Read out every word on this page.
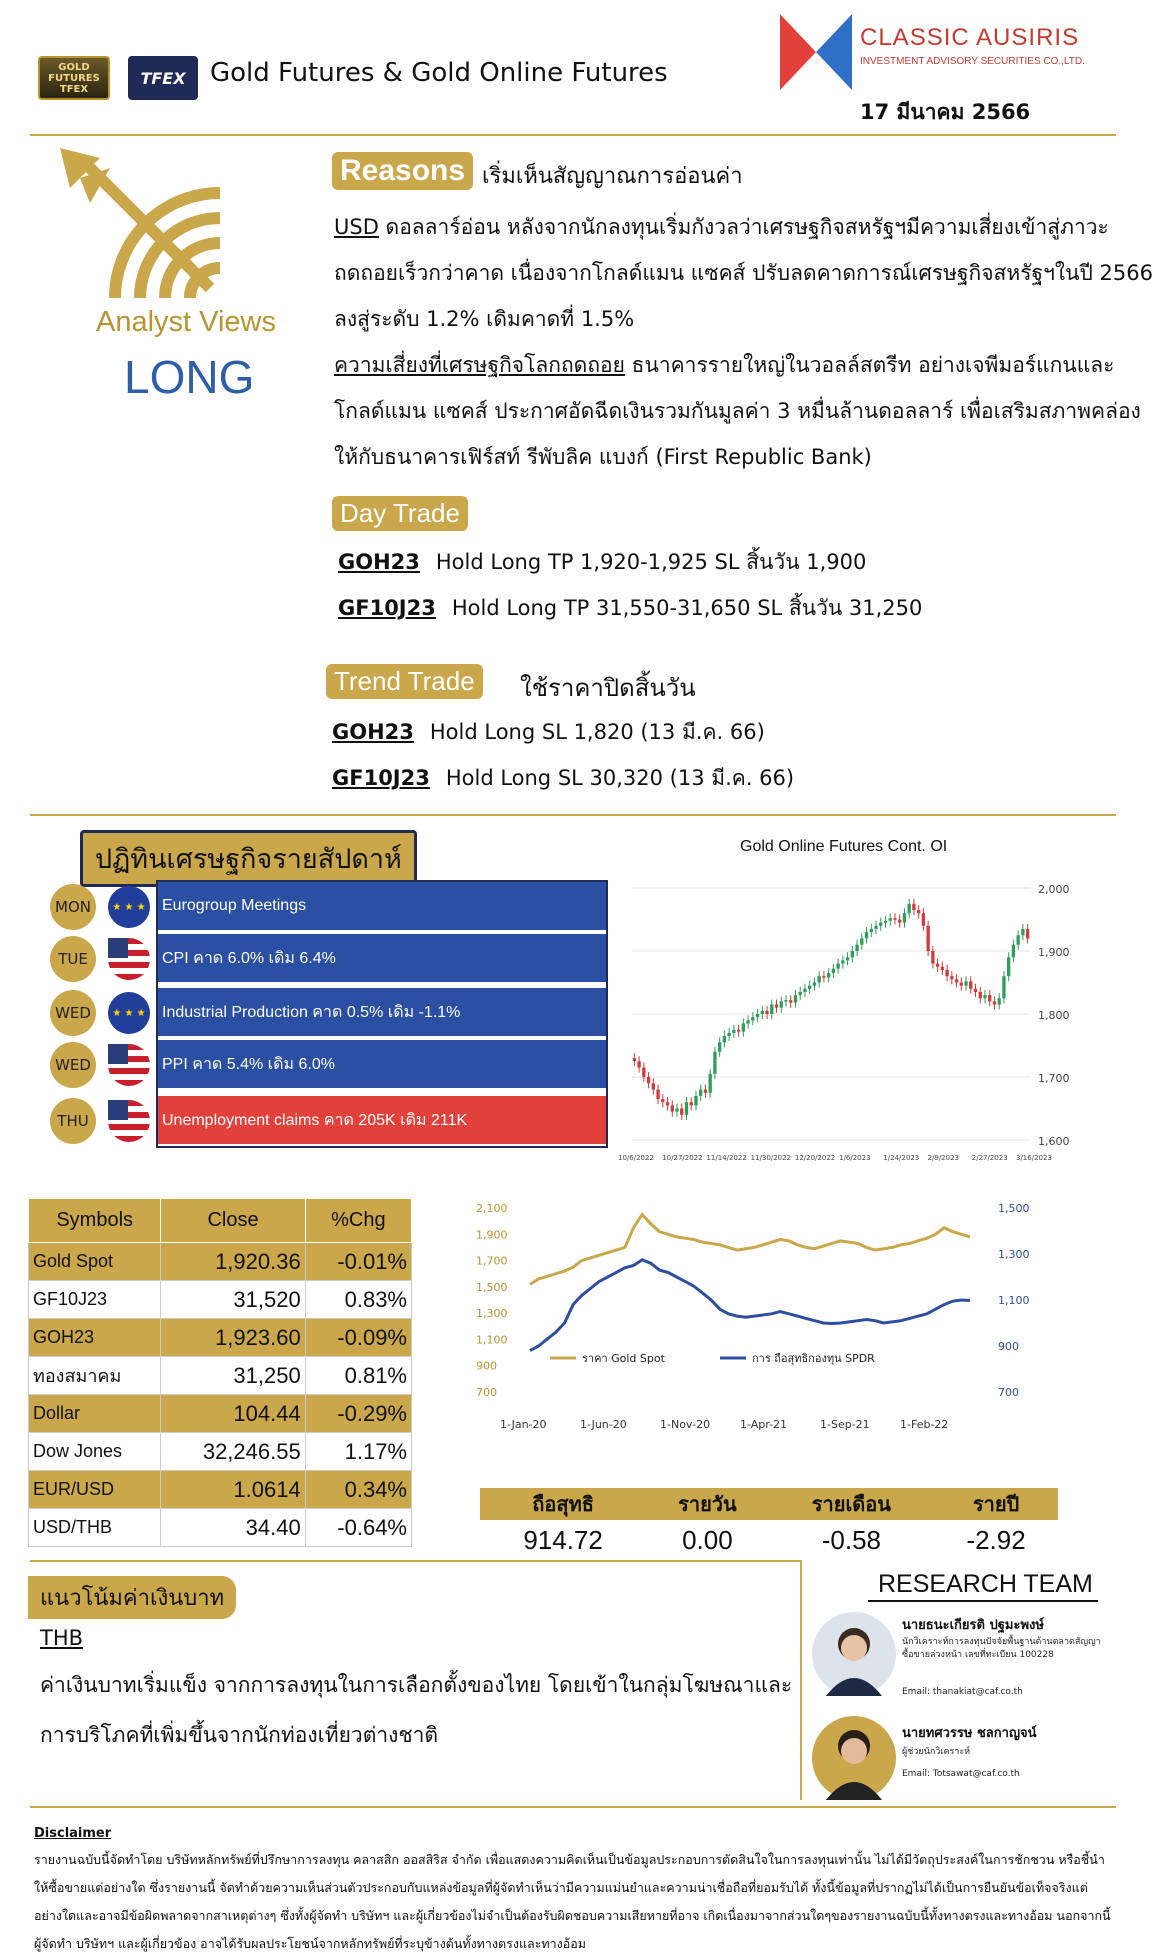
GOLD FUTURES TFEX
TFEX Gold Futures & Gold Online Futures
CLASSIC AUSIRIS
INVESTMENT ADVISORY SECURITIES CO.,LTD.
17 มีนาคม 2566
Analyst Views
LONG
Reasons เริ่มเห็นสัญญาณการอ่อนค่า

USD ดอลลาร์อ่อน หลังจากนักลงทุนเริ่มกังวลว่าเศรษฐกิจสหรัฐฯมีความเสี่ยงเข้าสู่ภาวะถดถอยเร็วกว่าคาด เนื่องจากโกลด์แมน แซคส์ ปรับลดคาดการณ์เศรษฐกิจสหรัฐฯในปี 2566 ลงสู่ระดับ 1.2% เดิมคาดที่ 1.5%

ความเสี่ยงที่เศรษฐกิจโลกถดถอย ธนาคารรายใหญ่ในวอลล์สตรีท อย่างเจพีมอร์แกนและโกลด์แมน แซคส์ ประกาศอัดฉีดเงินรวมกันมูลค่า 3 หมื่นล้านดอลลาร์ เพื่อเสริมสภาพคล่องให้กับธนาคารเฟิร์สท์ รีพับลิค แบงก์ (First Republic Bank)

Day Trade
GOH23 Hold Long TP 1,920-1,925 SL สิ้นวัน 1,900
GF10J23 Hold Long TP 31,550-31,650 SL สิ้นวัน 31,250
Trend Trade	ใช้ราคาปิดสิ้นวัน
GOH23 Hold Long SL 1,820 (13 มี.ค. 66)
GF10J23 Hold Long SL 30,320 (13 มี.ค. 66)
ปฏิทินเศรษฐกิจรายสัปดาห์
MON	★ ★ ★ Eurogroup Meetings
TUE	CPI คาด 6.0% เดิม 6.4%
WED	★ ★ ★ Industrial Production คาด 0.5% เดิม -1.1%
WED	PPI คาด 5.4% เดิม 6.0%
THU	Unemployment claims คาด 205K เดิม 211K
Gold Online Futures Cont. OI
2,000
1,900
1,800
1,700
1,600
10/6/2022 10/27/2022 11/14/2022 11/30/2022 12/20/2022 1/6/2023 1/24/2023 2/9/2023 2/27/2023 3/16/2023
Symbols	Close	%Chg
Gold Spot	1,920.36	-0.01%
GF10J23	31,520	0.83%
GOH23	1,923.60	-0.09%
ทองสมาคม	31,250	0.81%
Dollar	104.44	-0.29%
Dow Jones	32,246.55	1.17%
EUR/USD	1.0614	0.34%
USD/THB	34.40	-0.64%
2,100
1,900
1,700
1,500
1,300
1,100
900
700
1,500
1,300
1,100
900
700
1-Jan-20	1-Jun-20	1-Nov-20	1-Apr-21	1-Sep-21	1-Feb-22
ราคา Gold Spot	การ ถือสุทธิกองทุน SPDR
ถือสุทธิ	รายวัน	รายเดือน	รายปี
914.72	0.00	-0.58	-2.92
แนวโน้มค่าเงินบาท
THB
ค่าเงินบาทเริ่มแข็ง จากการลงทุนในการเลือกตั้งของไทย โดยเข้าในกลุ่มโฆษณาและการบริโภคที่เพิ่มขึ้นจากนักท่องเที่ยวต่างชาติ
RESEARCH TEAM
นายธนะเกียรติ ปฐมะพงษ์
นักวิเคราะห์การลงทุนปัจจัยพื้นฐานด้านตลาดสัญญาซื้อขายล่วงหน้า เลขที่ทะเบียน 100228
Email: thanakiat@caf.co.th
นายทศวรรษ ชลกาญจน์
ผู้ช่วยนักวิเคราะห์
Email: Totsawat@caf.co.th
Disclaimer
รายงานฉบับนี้จัดทำโดย บริษัทหลักทรัพย์ที่ปรึกษาการลงทุน คลาสสิก ออสสิริส จำกัด เพื่อแสดงความคิดเห็นเป็นข้อมูลประกอบการตัดสินใจในการลงทุนเท่านั้น ไม่ได้มีวัตถุประสงค์ในการชักชวน หรือชี้นำให้ซื้อขายแต่อย่างใด ซึ่งรายงานนี้ จัดทำด้วยความเห็นส่วนตัวประกอบกับแหล่งข้อมูลที่ผู้จัดทำเห็นว่ามีความแม่นยำและความน่าเชื่อถือที่ยอมรับได้ ทั้งนี้ข้อมูลที่ปรากฏไม่ได้เป็นการยืนยันข้อเท็จจริงแต่อย่างใดและอาจมีข้อผิดพลาดจากสาเหตุต่างๆ ซึ่งทั้งผู้จัดทำ บริษัทฯ และผู้เกี่ยวข้องไม่จำเป็นต้องรับผิดชอบความเสียหายที่อาจ เกิดเนื่องมาจากส่วนใดๆของรายงานฉบับนี้ทั้งทางตรงและทางอ้อม นอกจากนี้ผู้จัดทำ บริษัทฯ และผู้เกี่ยวข้อง อาจได้รับผลประโยชน์จากหลักทรัพย์ที่ระบุข้างต้นทั้งทางตรงและทางอ้อม
